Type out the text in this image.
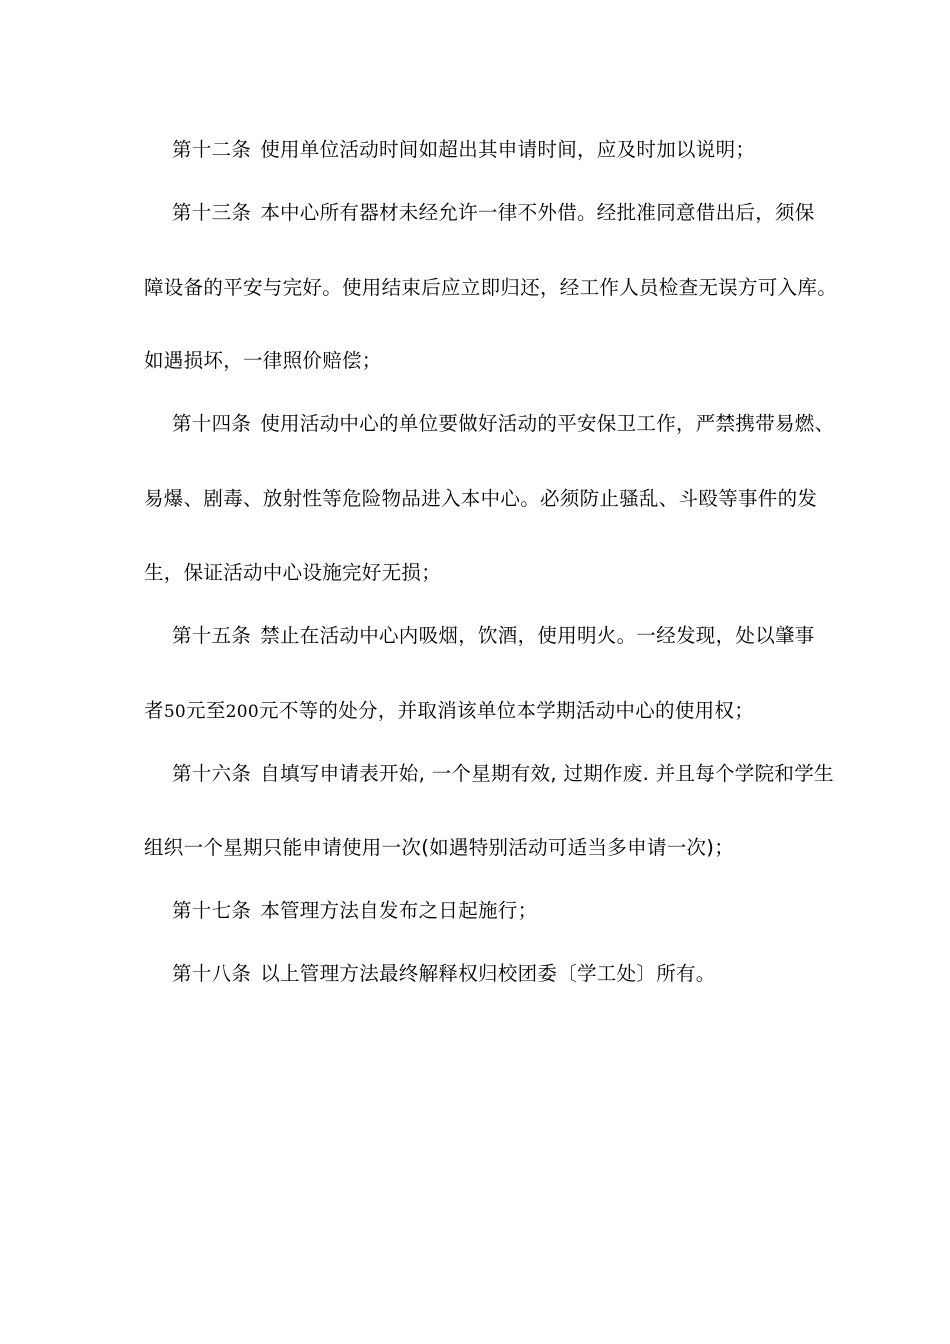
第十二条 使用单位活动时间如超出其申请时间，应及时加以说明；
第十三条 本中心所有器材未经允许一律不外借。经批准同意借出后，须保
障设备的平安与完好。使用结束后应立即归还，经工作人员检查无误方可入库。
如遇损坏，一律照价赔偿；
第十四条 使用活动中心的单位要做好活动的平安保卫工作，严禁携带易燃、
易爆、剧毒、放射性等危险物品进入本中心。必须防止骚乱、斗殴等事件的发
生，保证活动中心设施完好无损；
第十五条 禁止在活动中心内吸烟，饮酒，使用明火。一经发现，处以肇事
者50元至200元不等的处分，并取消该单位本学期活动中心的使用权；
第十六条 自填写申请表开始, 一个星期有效, 过期作废. 并且每个学院和学生
组织一个星期只能申请使用一次(如遇特别活动可适当多申请一次)；
第十七条 本管理方法自发布之日起施行；
第十八条 以上管理方法最终解释权归校团委〔学工处〕所有。
